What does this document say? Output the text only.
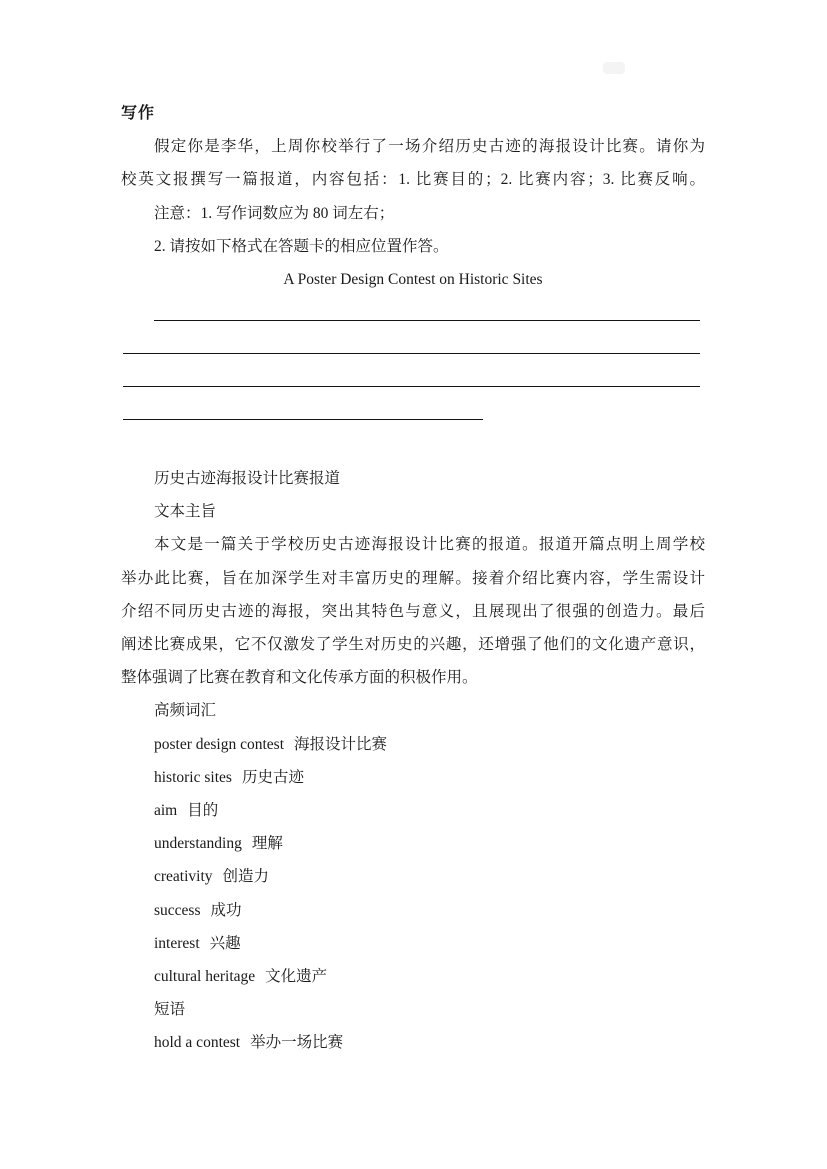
写作
假定你是李华，上周你校举行了一场介绍历史古迹的海报设计比赛。请你为
校英文报撰写一篇报道，内容包括：1. 比赛目的；2. 比赛内容；3. 比赛反响。
注意：1. 写作词数应为 80 词左右；
2. 请按如下格式在答题卡的相应位置作答。
A Poster Design Contest on Historic Sites
历史古迹海报设计比赛报道
文本主旨
本文是一篇关于学校历史古迹海报设计比赛的报道。报道开篇点明上周学校
举办此比赛，旨在加深学生对丰富历史的理解。接着介绍比赛内容，学生需设计
介绍不同历史古迹的海报，突出其特色与意义，且展现出了很强的创造力。最后
阐述比赛成果，它不仅激发了学生对历史的兴趣，还增强了他们的文化遗产意识，
整体强调了比赛在教育和文化传承方面的积极作用。
高频词汇
poster design contest 海报设计比赛
historic sites 历史古迹
aim 目的
understanding 理解
creativity 创造力
success 成功
interest 兴趣
cultural heritage 文化遗产
短语
hold a contest 举办一场比赛
